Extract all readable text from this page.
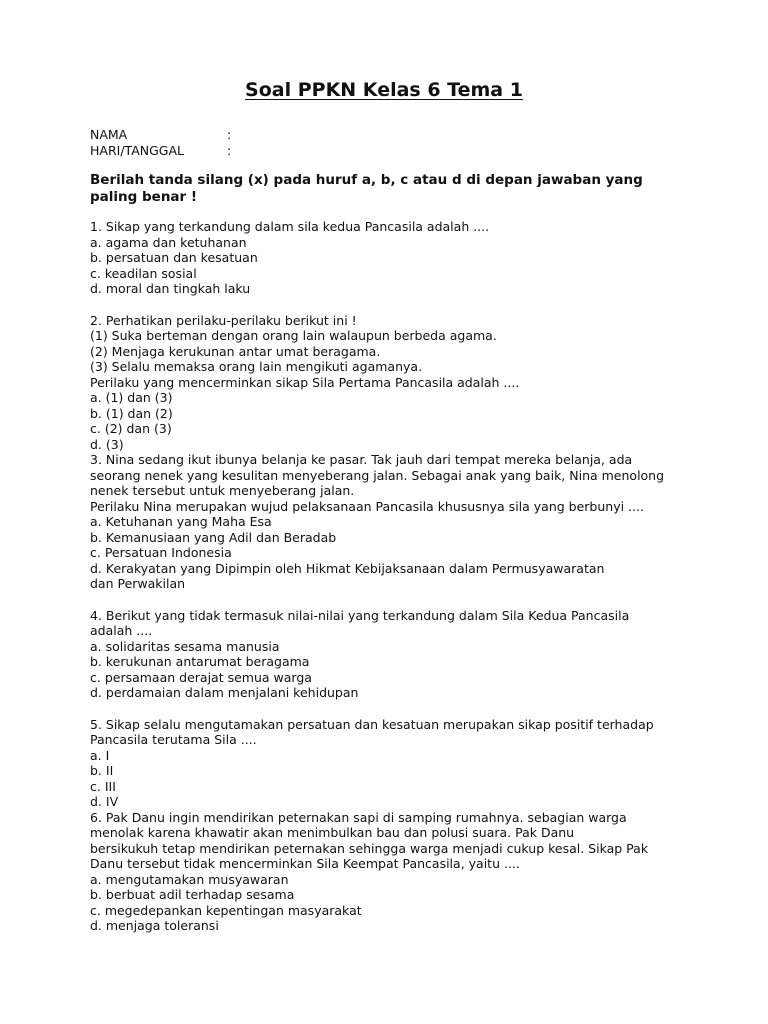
Soal PPKN Kelas 6 Tema 1
NAMA	:
HARI/TANGGAL	:

Berilah tanda silang (x) pada huruf a, b, c atau d di depan jawaban yang paling benar !

1. Sikap yang terkandung dalam sila kedua Pancasila adalah ....
a. agama dan ketuhanan
b. persatuan dan kesatuan
c. keadilan sosial
d. moral dan tingkah laku
2. Perhatikan perilaku-perilaku berikut ini !
(1) Suka berteman dengan orang lain walaupun berbeda agama.
(2) Menjaga kerukunan antar umat beragama.
(3) Selalu memaksa orang lain mengikuti agamanya.
Perilaku yang mencerminkan sikap Sila Pertama Pancasila adalah ....
a. (1) dan (3)
b. (1) dan (2)
c. (2) dan (3)
d. (3)
3. Nina sedang ikut ibunya belanja ke pasar. Tak jauh dari tempat mereka belanja, ada
seorang nenek yang kesulitan menyeberang jalan. Sebagai anak yang baik, Nina menolong
nenek tersebut untuk menyeberang jalan.
Perilaku Nina merupakan wujud pelaksanaan Pancasila khususnya sila yang berbunyi ....
a. Ketuhanan yang Maha Esa
b. Kemanusiaan yang Adil dan Beradab
c. Persatuan Indonesia
d. Kerakyatan yang Dipimpin oleh Hikmat Kebijaksanaan dalam Permusyawaratan
dan Perwakilan
4. Berikut yang tidak termasuk nilai-nilai yang terkandung dalam Sila Kedua Pancasila
adalah ....
a. solidaritas sesama manusia
b. kerukunan antarumat beragama
c. persamaan derajat semua warga
d. perdamaian dalam menjalani kehidupan
5. Sikap selalu mengutamakan persatuan dan kesatuan merupakan sikap positif terhadap
Pancasila terutama Sila ....
a. I
b. II
c. III
d. IV
6. Pak Danu ingin mendirikan peternakan sapi di samping rumahnya. sebagian warga
menolak karena khawatir akan menimbulkan bau dan polusi suara. Pak Danu
bersikukuh tetap mendirikan peternakan sehingga warga menjadi cukup kesal. Sikap Pak
Danu tersebut tidak mencerminkan Sila Keempat Pancasila, yaitu ....
a. mengutamakan musyawaran
b. berbuat adil terhadap sesama
c. megedepankan kepentingan masyarakat
d. menjaga toleransi
